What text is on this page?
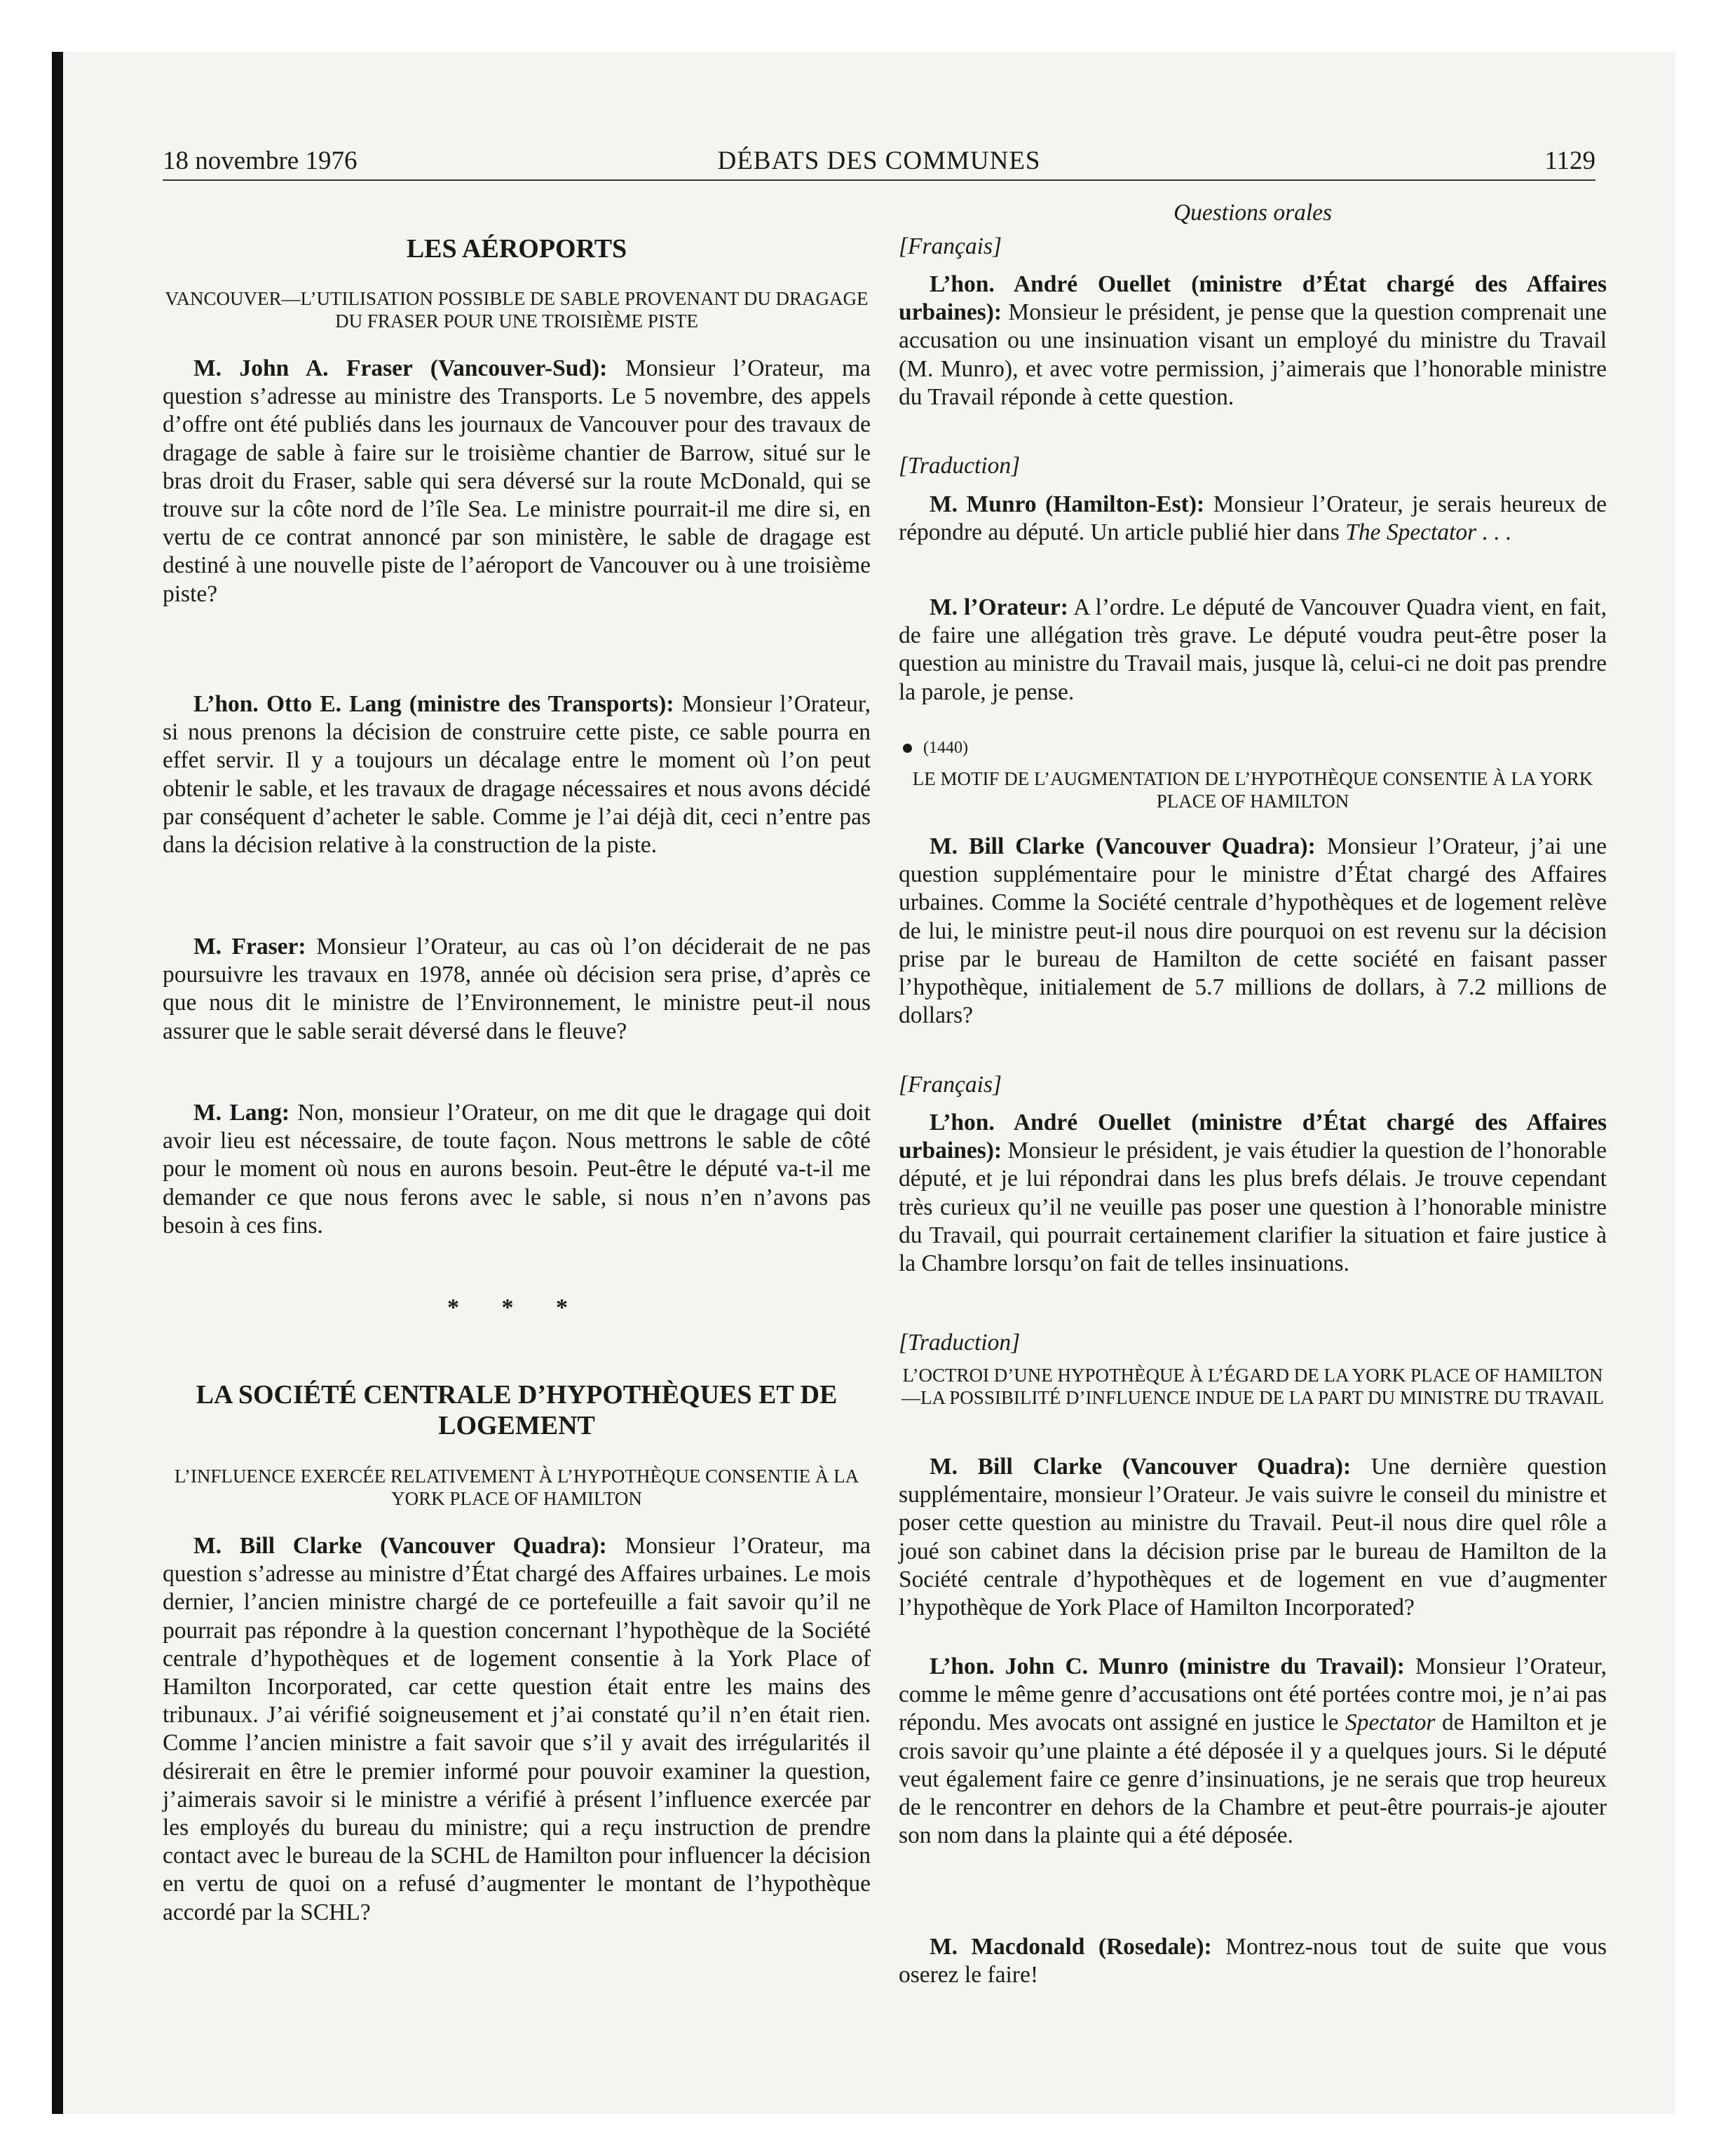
18 novembre 1976	DÉBATS DES COMMUNES	1129
LES AÉROPORTS
VANCOUVER—L’UTILISATION POSSIBLE DE SABLE PROVENANT DU DRAGAGE DU FRASER POUR UNE TROISIÈME PISTE

M. John A. Fraser (Vancouver-Sud): Monsieur l’Orateur, ma question s’adresse au ministre des Transports. Le 5 novembre, des appels d’offre ont été publiés dans les journaux de Vancouver pour des travaux de dragage de sable à faire sur le troisième chantier de Barrow, situé sur le bras droit du Fraser, sable qui sera déversé sur la route McDonald, qui se trouve sur la côte nord de l’île Sea. Le ministre pourrait-il me dire si, en vertu de ce contrat annoncé par son ministère, le sable de dragage est destiné à une nouvelle piste de l’aéroport de Vancouver ou à une troisième piste?

L’hon. Otto E. Lang (ministre des Transports): Monsieur l’Orateur, si nous prenons la décision de construire cette piste, ce sable pourra en effet servir. Il y a toujours un décalage entre le moment où l’on peut obtenir le sable, et les travaux de dragage nécessaires et nous avons décidé par conséquent d’acheter le sable. Comme je l’ai déjà dit, ceci n’entre pas dans la décision relative à la construction de la piste.

M. Fraser: Monsieur l’Orateur, au cas où l’on déciderait de ne pas poursuivre les travaux en 1978, année où décision sera prise, d’après ce que nous dit le ministre de l’Environnement, le ministre peut-il nous assurer que le sable serait déversé dans le fleuve?

M. Lang: Non, monsieur l’Orateur, on me dit que le dragage qui doit avoir lieu est nécessaire, de toute façon. Nous mettrons le sable de côté pour le moment où nous en aurons besoin. Peut-être le député va-t-il me demander ce que nous ferons avec le sable, si nous n’en n’avons pas besoin à ces fins.

* * *
LA SOCIÉTÉ CENTRALE D’HYPOTHÈQUES ET DE LOGEMENT
L’INFLUENCE EXERCÉE RELATIVEMENT À L’HYPOTHÈQUE CONSENTIE À LA YORK PLACE OF HAMILTON

M. Bill Clarke (Vancouver Quadra): Monsieur l’Orateur, ma question s’adresse au ministre d’État chargé des Affaires urbaines. Le mois dernier, l’ancien ministre chargé de ce portefeuille a fait savoir qu’il ne pourrait pas répondre à la question concernant l’hypothèque de la Société centrale d’hypothèques et de logement consentie à la York Place of Hamilton Incorporated, car cette question était entre les mains des tribunaux. J’ai vérifié soigneusement et j’ai constaté qu’il n’en était rien. Comme l’ancien ministre a fait savoir que s’il y avait des irrégularités il désirerait en être le premier informé pour pouvoir examiner la question, j’aimerais savoir si le ministre a vérifié à présent l’influence exercée par les employés du bureau du ministre; qui a reçu instruction de prendre contact avec le bureau de la SCHL de Hamilton pour influencer la décision en vertu de quoi on a refusé d’augmenter le montant de l’hypothèque accordé par la SCHL?

Questions orales
[Français]

L’hon. André Ouellet (ministre d’État chargé des Affaires urbaines): Monsieur le président, je pense que la question comprenait une accusation ou une insinuation visant un employé du ministre du Travail (M. Munro), et avec votre permission, j’aimerais que l’honorable ministre du Travail réponde à cette question.

[Traduction]

M. Munro (Hamilton-Est): Monsieur l’Orateur, je serais heureux de répondre au député. Un article publié hier dans The Spectator . . .

M. l’Orateur: A l’ordre. Le député de Vancouver Quadra vient, en fait, de faire une allégation très grave. Le député voudra peut-être poser la question au ministre du Travail mais, jusque là, celui-ci ne doit pas prendre la parole, je pense.

(1440)
LE MOTIF DE L’AUGMENTATION DE L’HYPOTHÈQUE CONSENTIE À LA YORK PLACE OF HAMILTON

M. Bill Clarke (Vancouver Quadra): Monsieur l’Orateur, j’ai une question supplémentaire pour le ministre d’État chargé des Affaires urbaines. Comme la Société centrale d’hypothèques et de logement relève de lui, le ministre peut-il nous dire pourquoi on est revenu sur la décision prise par le bureau de Hamilton de cette société en faisant passer l’hypothèque, initialement de 5.7 millions de dollars, à 7.2 millions de dollars?

[Français]

L’hon. André Ouellet (ministre d’État chargé des Affaires urbaines): Monsieur le président, je vais étudier la question de l’honorable député, et je lui répondrai dans les plus brefs délais. Je trouve cependant très curieux qu’il ne veuille pas poser une question à l’honorable ministre du Travail, qui pourrait certainement clarifier la situation et faire justice à la Chambre lorsqu’on fait de telles insinuations.

[Traduction]
L’OCTROI D’UNE HYPOTHÈQUE À L’ÉGARD DE LA YORK PLACE OF HAMILTON—LA POSSIBILITÉ D’INFLUENCE INDUE DE LA PART DU MINISTRE DU TRAVAIL

M. Bill Clarke (Vancouver Quadra): Une dernière question supplémentaire, monsieur l’Orateur. Je vais suivre le conseil du ministre et poser cette question au ministre du Travail. Peut-il nous dire quel rôle a joué son cabinet dans la décision prise par le bureau de Hamilton de la Société centrale d’hypothèques et de logement en vue d’augmenter l’hypothèque de York Place of Hamilton Incorporated?

L’hon. John C. Munro (ministre du Travail): Monsieur l’Orateur, comme le même genre d’accusations ont été portées contre moi, je n’ai pas répondu. Mes avocats ont assigné en justice le Spectator de Hamilton et je crois savoir qu’une plainte a été déposée il y a quelques jours. Si le député veut également faire ce genre d’insinuations, je ne serais que trop heureux de le rencontrer en dehors de la Chambre et peut-être pourrais-je ajouter son nom dans la plainte qui a été déposée.

M. Macdonald (Rosedale): Montrez-nous tout de suite que vous oserez le faire!
